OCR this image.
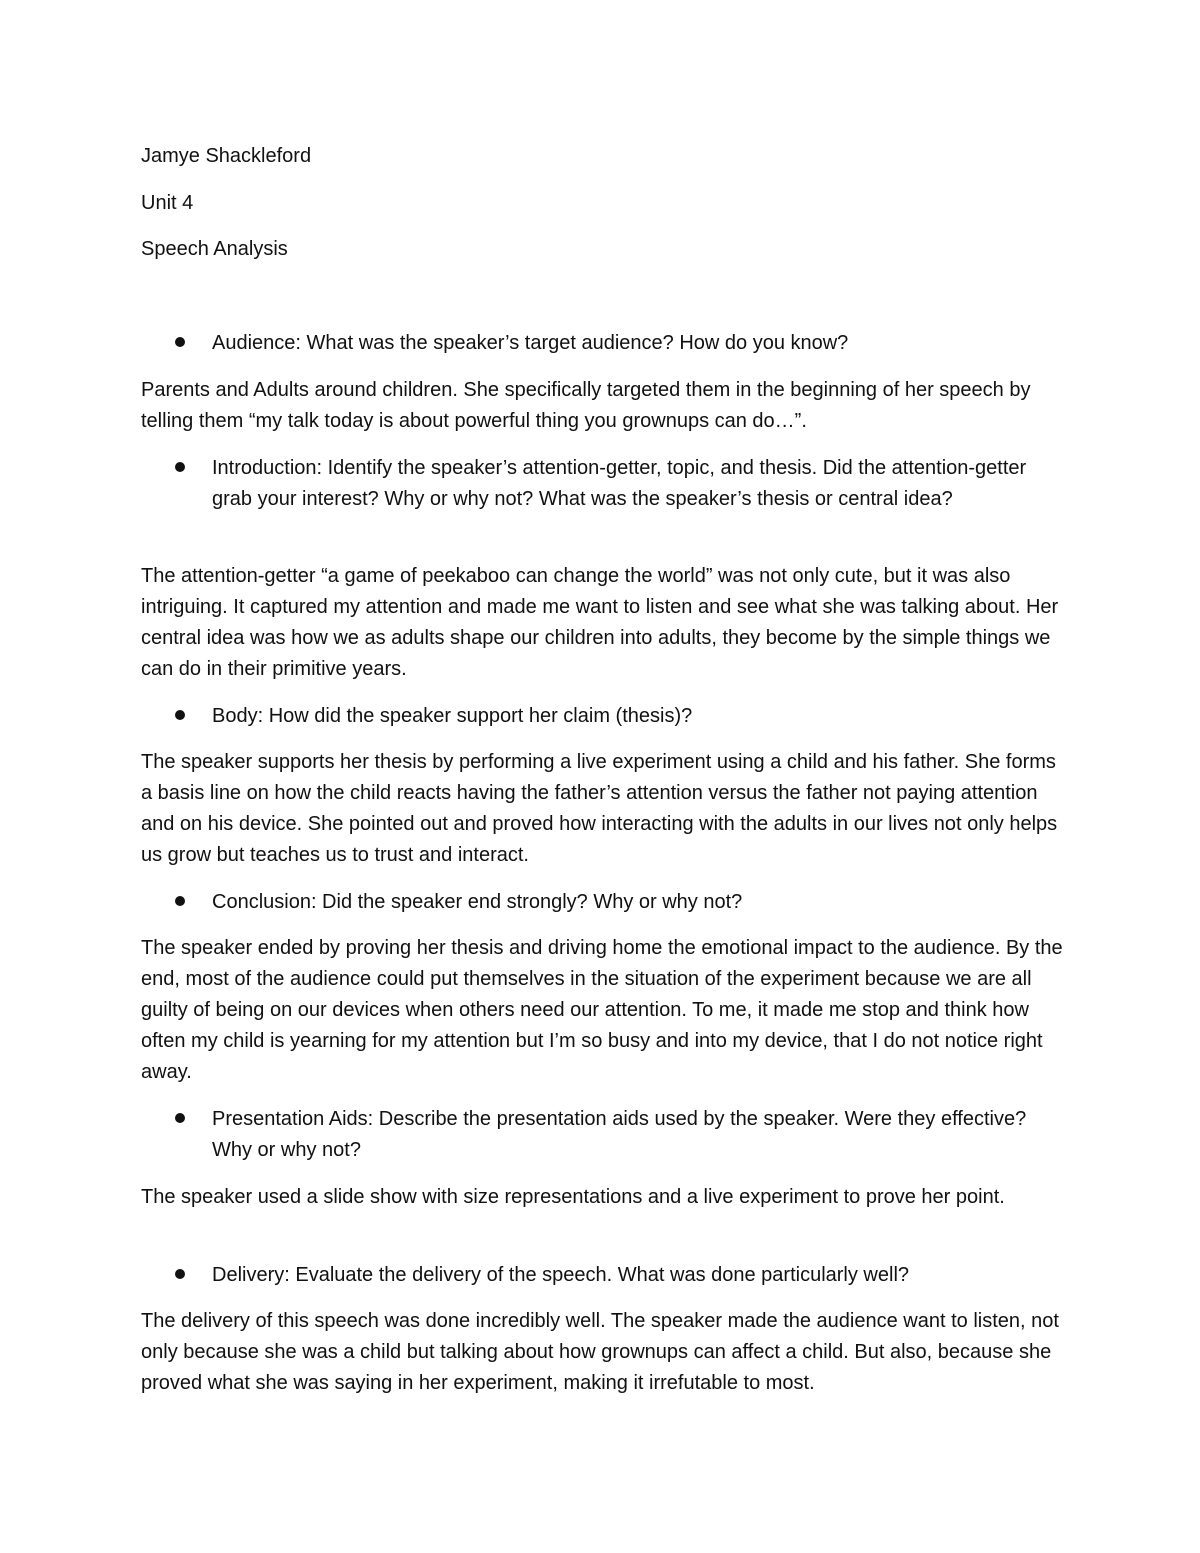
Jamye Shackleford
Unit 4
Speech Analysis
Audience: What was the speaker’s target audience? How do you know?
Parents and Adults around children. She specifically targeted them in the beginning of her speech by telling them “my talk today is about powerful thing you grownups can do…”.
Introduction: Identify the speaker’s attention-getter, topic, and thesis. Did the attention-getter grab your interest? Why or why not? What was the speaker’s thesis or central idea?
The attention-getter “a game of peekaboo can change the world” was not only cute, but it was also intriguing. It captured my attention and made me want to listen and see what she was talking about. Her central idea was how we as adults shape our children into adults, they become by the simple things we can do in their primitive years.
Body: How did the speaker support her claim (thesis)?
The speaker supports her thesis by performing a live experiment using a child and his father. She forms a basis line on how the child reacts having the father’s attention versus the father not paying attention and on his device. She pointed out and proved how interacting with the adults in our lives not only helps us grow but teaches us to trust and interact.
Conclusion: Did the speaker end strongly? Why or why not?
The speaker ended by proving her thesis and driving home the emotional impact to the audience. By the end, most of the audience could put themselves in the situation of the experiment because we are all guilty of being on our devices when others need our attention. To me, it made me stop and think how often my child is yearning for my attention but I’m so busy and into my device, that I do not notice right away.
Presentation Aids: Describe the presentation aids used by the speaker. Were they effective? Why or why not?
The speaker used a slide show with size representations and a live experiment to prove her point.
Delivery: Evaluate the delivery of the speech. What was done particularly well?
The delivery of this speech was done incredibly well. The speaker made the audience want to listen, not only because she was a child but talking about how grownups can affect a child. But also, because she proved what she was saying in her experiment, making it irrefutable to most.
